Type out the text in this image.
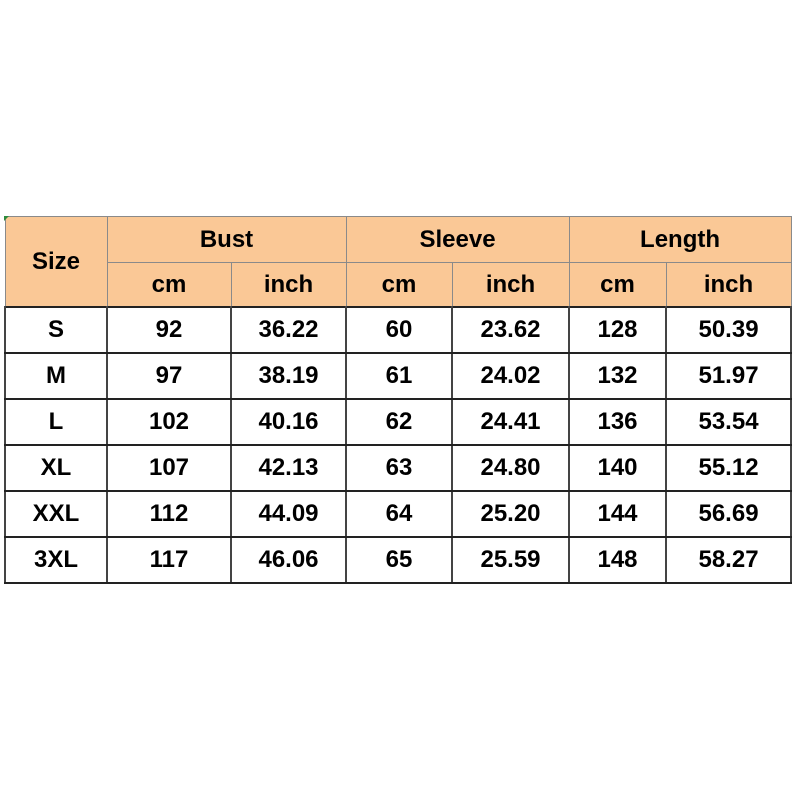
Size	Bust		Sleeve		Length	
	cm	inch	cm	inch	cm	inch
S	92	36.22	60	23.62	128	50.39
M	97	38.19	61	24.02	132	51.97
L	102	40.16	62	24.41	136	53.54
XL	107	42.13	63	24.80	140	55.12
XXL	112	44.09	64	25.20	144	56.69
3XL	117	46.06	65	25.59	148	58.27
